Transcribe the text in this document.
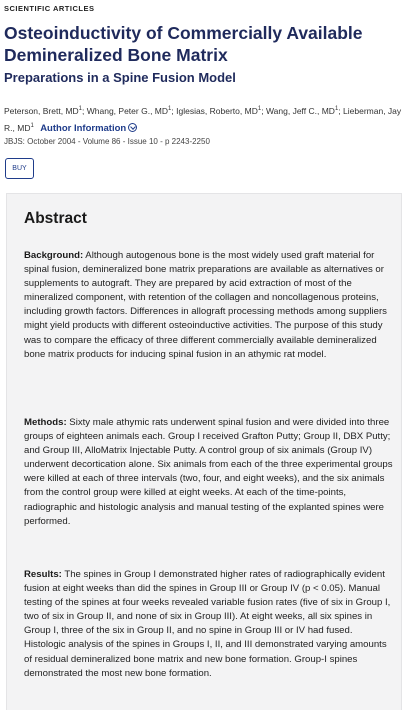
SCIENTIFIC ARTICLES
Osteoinductivity of Commercially Available Demineralized Bone Matrix
Preparations in a Spine Fusion Model
Peterson, Brett, $MD^1$; Whang, Peter G., $MD^1$; Iglesias, Roberto, $MD^1$; Wang, Jeff C., $MD^1$; Lieberman, Jay R., $MD^1$ Author Information
JBJS: October 2004 - Volume 86 - Issue 10 - p 2243-2250
BUY
Abstract

Background: Although autogenous bone is the most widely used graft material for spinal fusion, demineralized bone matrix preparations are available as alternatives or supplements to autograft. They are prepared by acid extraction of most of the mineralized component, with retention of the collagen and noncollagenous proteins, including growth factors. Differences in allograft processing methods among suppliers might yield products with different osteoinductive activities. The purpose of this study was to compare the efficacy of three different commercially available demineralized bone matrix products for inducing spinal fusion in an athymic rat model.

Methods: Sixty male athymic rats underwent spinal fusion and were divided into three groups of eighteen animals each. Group I received Grafton Putty; Group II, DBX Putty; and Group III, AlloMatrix Injectable Putty. A control group of six animals (Group IV) underwent decortication alone. Six animals from each of the three experimental groups were killed at each of three intervals (two, four, and eight weeks), and the six animals from the control group were killed at eight weeks. At each of the time-points, radiographic and histologic analysis and manual testing of the explanted spines were performed.

Results: The spines in Group I demonstrated higher rates of radiographically evident fusion at eight weeks than did the spines in Group III or Group IV (p < 0.05). Manual testing of the spines at four weeks revealed variable fusion rates (five of six in Group I, two of six in Group II, and none of six in Group III). At eight weeks, all six spines in Group I, three of the six in Group II, and no spine in Group III or IV had fused. Histologic analysis of the spines in Groups I, II, and III demonstrated varying amounts of residual demineralized bone matrix and new bone formation. Group-I spines demonstrated the most new bone formation.
